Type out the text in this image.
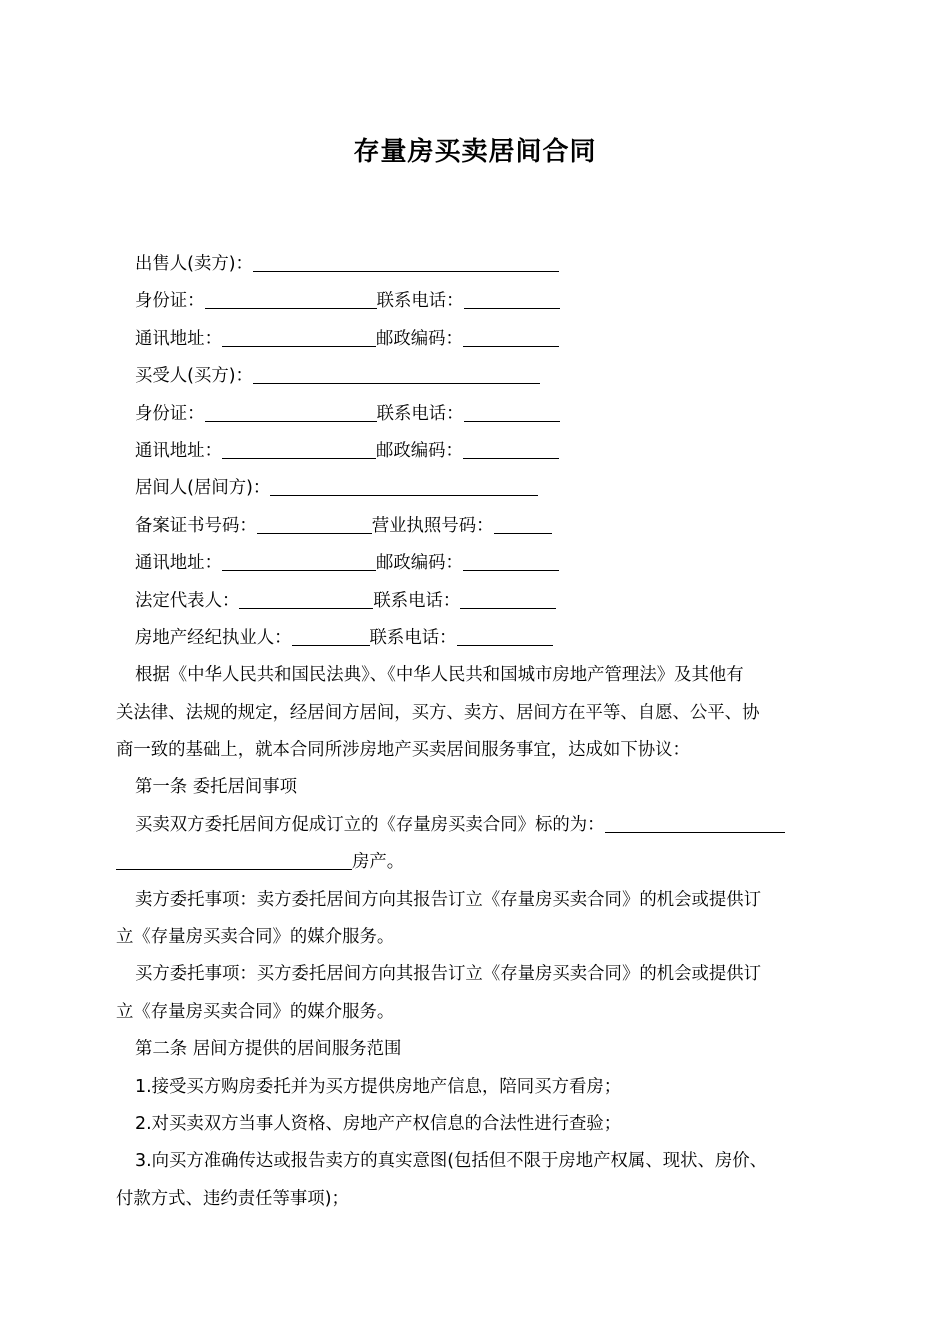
存量房买卖居间合同
出售人(卖方)：
身份证：	联系电话：
通讯地址：	邮政编码：
买受人(买方)：
身份证：	联系电话：
通讯地址：	邮政编码：
居间人(居间方)：
备案证书号码：	营业执照号码：
通讯地址：	邮政编码：
法定代表人：	联系电话：
房地产经纪执业人：	联系电话：
根据《中华人民共和国民法典》、《中华人民共和国城市房地产管理法》及其他有
关法律、法规的规定，经居间方居间，买方、卖方、居间方在平等、自愿、公平、协
商一致的基础上，就本合同所涉房地产买卖居间服务事宜，达成如下协议：
第一条 委托居间事项
买卖双方委托居间方促成订立的《存量房买卖合同》标的为：
房产。
卖方委托事项：卖方委托居间方向其报告订立《存量房买卖合同》的机会或提供订
立《存量房买卖合同》的媒介服务。
买方委托事项：买方委托居间方向其报告订立《存量房买卖合同》的机会或提供订
立《存量房买卖合同》的媒介服务。
第二条 居间方提供的居间服务范围
1.接受买方购房委托并为买方提供房地产信息，陪同买方看房；
2.对买卖双方当事人资格、房地产产权信息的合法性进行查验；
3.向买方准确传达或报告卖方的真实意图(包括但不限于房地产权属、现状、房价、
付款方式、违约责任等事项)；
